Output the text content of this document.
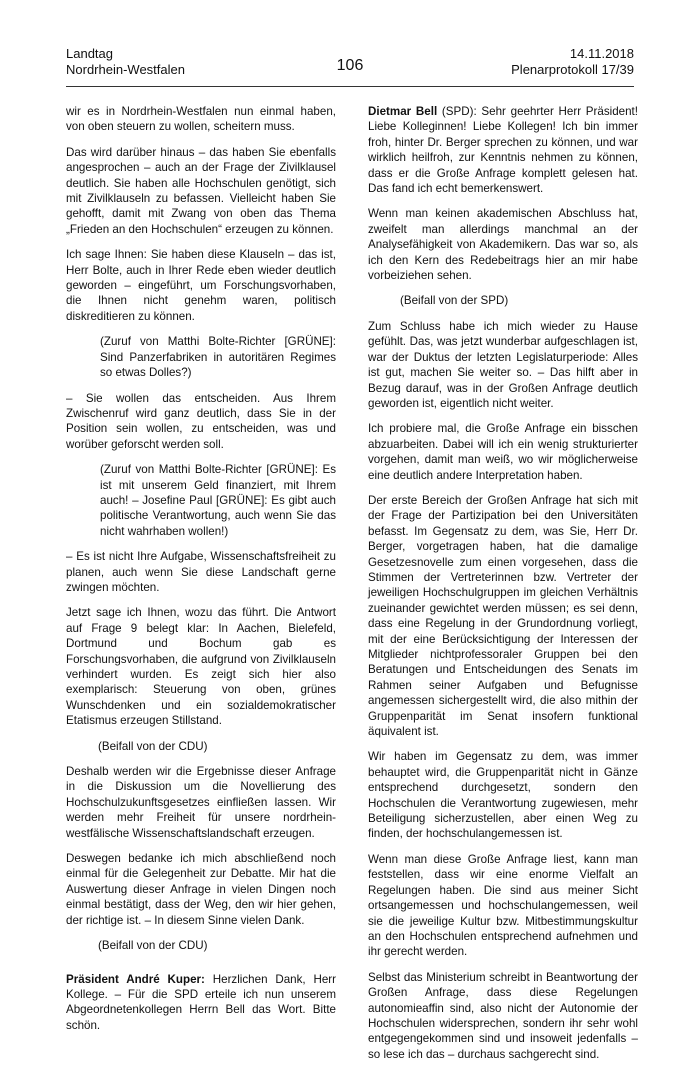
Landtag
Nordrhein-Westfalen	106
14.11.2018
Plenarprotokoll 17/39

wir es in Nordrhein-Westfalen nun einmal haben, von oben steuern zu wollen, scheitern muss.

Das wird darüber hinaus – das haben Sie ebenfalls angesprochen – auch an der Frage der Zivilklausel deutlich. Sie haben alle Hochschulen genötigt, sich mit Zivilklauseln zu befassen. Vielleicht haben Sie gehofft, damit mit Zwang von oben das Thema „Frieden an den Hochschulen“ erzeugen zu können.

Ich sage Ihnen: Sie haben diese Klauseln – das ist, Herr Bolte, auch in Ihrer Rede eben wieder deutlich geworden – eingeführt, um Forschungsvorhaben, die Ihnen nicht genehm waren, politisch diskreditieren zu können.

(Zuruf von Matthi Bolte-Richter [GRÜNE]: Sind Panzerfabriken in autoritären Regimes so etwas Dolles?)

– Sie wollen das entscheiden. Aus Ihrem Zwischenruf wird ganz deutlich, dass Sie in der Position sein wollen, zu entscheiden, was und worüber geforscht werden soll.

(Zuruf von Matthi Bolte-Richter [GRÜNE]: Es ist mit unserem Geld finanziert, mit Ihrem auch! – Josefine Paul [GRÜNE]: Es gibt auch politische Verantwortung, auch wenn Sie das nicht wahrhaben wollen!)

– Es ist nicht Ihre Aufgabe, Wissenschaftsfreiheit zu planen, auch wenn Sie diese Landschaft gerne zwingen möchten.

Jetzt sage ich Ihnen, wozu das führt. Die Antwort auf Frage 9 belegt klar: In Aachen, Bielefeld, Dortmund und Bochum gab es Forschungsvorhaben, die aufgrund von Zivilklauseln verhindert wurden. Es zeigt sich hier also exemplarisch: Steuerung von oben, grünes Wunschdenken und ein sozialdemokratischer Etatismus erzeugen Stillstand.

(Beifall von der CDU)

Deshalb werden wir die Ergebnisse dieser Anfrage in die Diskussion um die Novellierung des Hochschulzukunftsgesetzes einfließen lassen. Wir werden mehr Freiheit für unsere nordrhein-westfälische Wissenschaftslandschaft erzeugen.

Deswegen bedanke ich mich abschließend noch einmal für die Gelegenheit zur Debatte. Mir hat die Auswertung dieser Anfrage in vielen Dingen noch einmal bestätigt, dass der Weg, den wir hier gehen, der richtige ist. – In diesem Sinne vielen Dank.

(Beifall von der CDU)

Präsident André Kuper: Herzlichen Dank, Herr Kollege. – Für die SPD erteile ich nun unserem Abgeordnetenkollegen Herrn Bell das Wort. Bitte schön.

Dietmar Bell (SPD): Sehr geehrter Herr Präsident! Liebe Kolleginnen! Liebe Kollegen! Ich bin immer froh, hinter Dr. Berger sprechen zu können, und war wirklich heilfroh, zur Kenntnis nehmen zu können, dass er die Große Anfrage komplett gelesen hat. Das fand ich echt bemerkenswert.

Wenn man keinen akademischen Abschluss hat, zweifelt man allerdings manchmal an der Analysefähigkeit von Akademikern. Das war so, als ich den Kern des Redebeitrags hier an mir habe vorbeiziehen sehen.

(Beifall von der SPD)

Zum Schluss habe ich mich wieder zu Hause gefühlt. Das, was jetzt wunderbar aufgeschlagen ist, war der Duktus der letzten Legislaturperiode: Alles ist gut, machen Sie weiter so. – Das hilft aber in Bezug darauf, was in der Großen Anfrage deutlich geworden ist, eigentlich nicht weiter.

Ich probiere mal, die Große Anfrage ein bisschen abzuarbeiten. Dabei will ich ein wenig strukturierter vorgehen, damit man weiß, wo wir möglicherweise eine deutlich andere Interpretation haben.

Der erste Bereich der Großen Anfrage hat sich mit der Frage der Partizipation bei den Universitäten befasst. Im Gegensatz zu dem, was Sie, Herr Dr. Berger, vorgetragen haben, hat die damalige Gesetzesnovelle zum einen vorgesehen, dass die Stimmen der Vertreterinnen bzw. Vertreter der jeweiligen Hochschulgruppen im gleichen Verhältnis zueinander gewichtet werden müssen; es sei denn, dass eine Regelung in der Grundordnung vorliegt, mit der eine Berücksichtigung der Interessen der Mitglieder nichtprofessoraler Gruppen bei den Beratungen und Entscheidungen des Senats im Rahmen seiner Aufgaben und Befugnisse angemessen sichergestellt wird, die also mithin der Gruppenparität im Senat insofern funktional äquivalent ist.

Wir haben im Gegensatz zu dem, was immer behauptet wird, die Gruppenparität nicht in Gänze entsprechend durchgesetzt, sondern den Hochschulen die Verantwortung zugewiesen, mehr Beteiligung sicherzustellen, aber einen Weg zu finden, der hochschulangemessen ist.

Wenn man diese Große Anfrage liest, kann man feststellen, dass wir eine enorme Vielfalt an Regelungen haben. Die sind aus meiner Sicht ortsangemessen und hochschulangemessen, weil sie die jeweilige Kultur bzw. Mitbestimmungskultur an den Hochschulen entsprechend aufnehmen und ihr gerecht werden.

Selbst das Ministerium schreibt in Beantwortung der Großen Anfrage, dass diese Regelungen autonomieaffin sind, also nicht der Autonomie der Hochschulen widersprechen, sondern ihr sehr wohl entgegengekommen sind und insoweit jedenfalls – so lese ich das – durchaus sachgerecht sind.
